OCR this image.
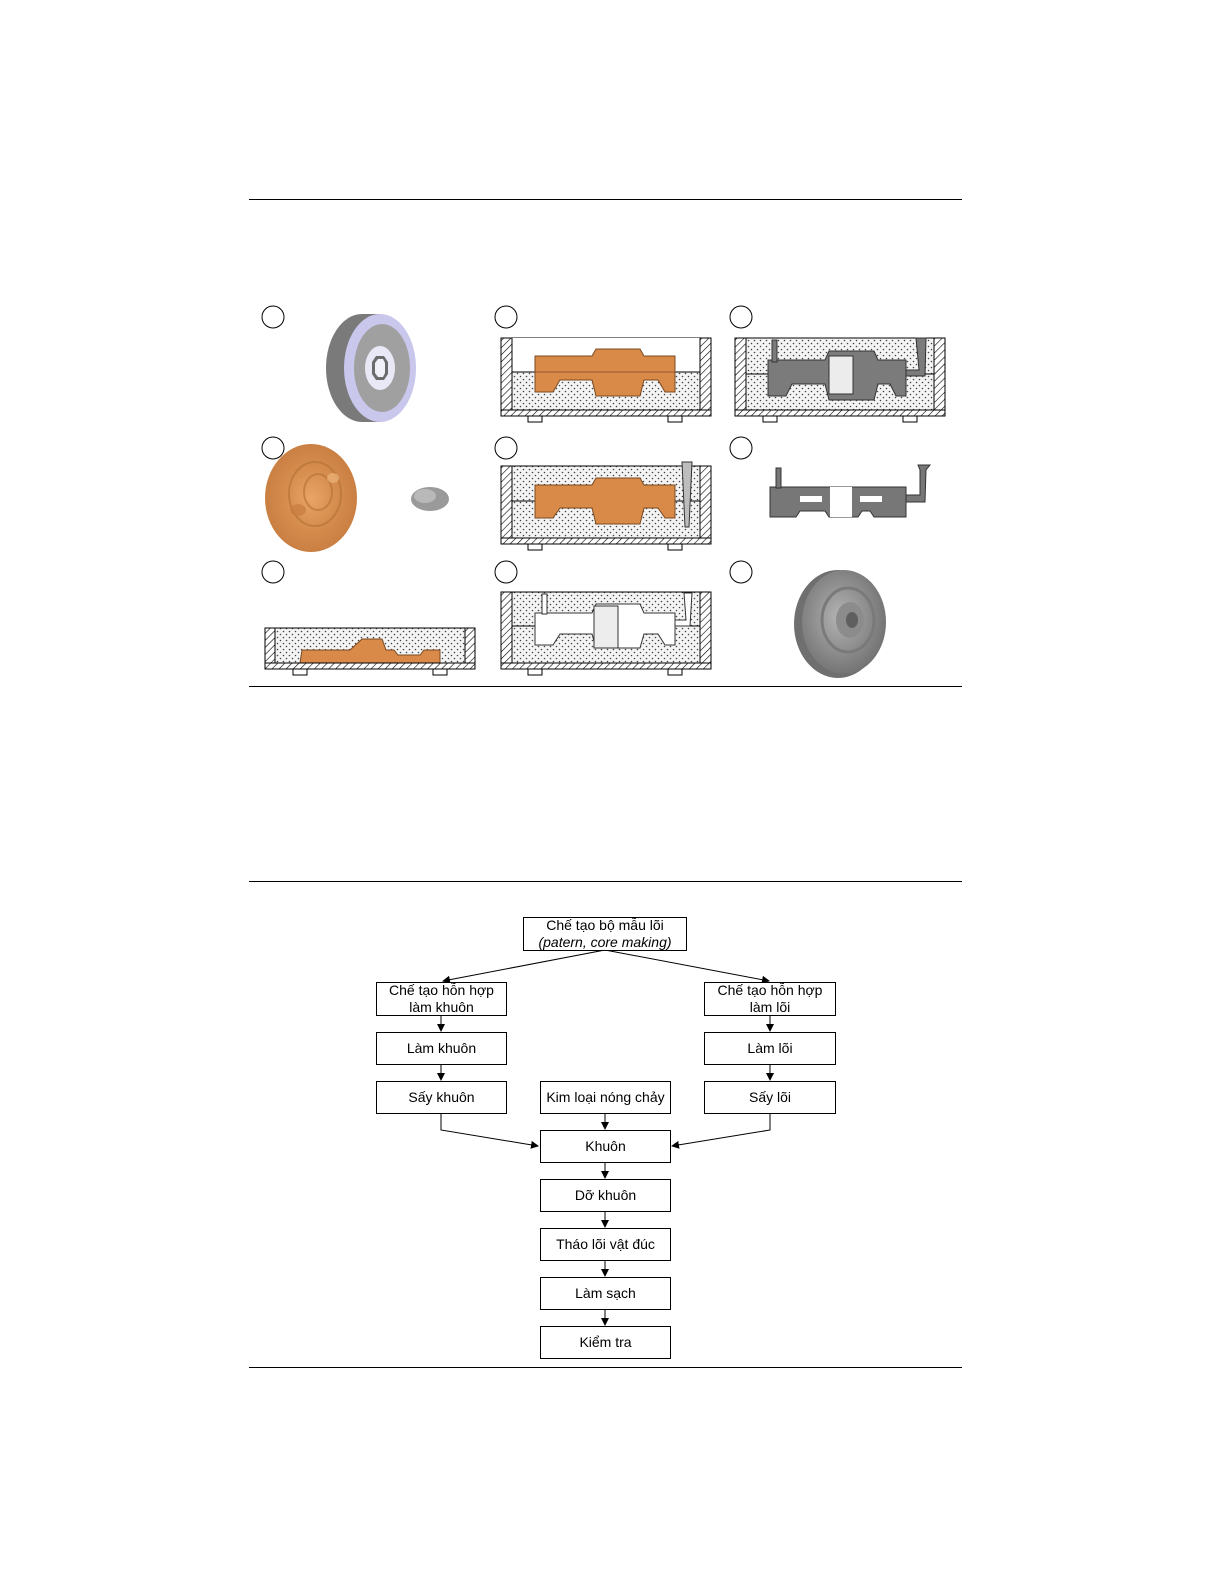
Chế tạo bộ mẫu lõi
(patern, core making)
Chế tạo hỗn hợp
làm khuôn
Chế tạo hỗn hợp
làm lõi
Làm khuôn	Làm lõi
Sấy khuôn	Kim loại nóng chảy	Sấy lõi
Khuôn
Dỡ khuôn
Tháo lõi vật đúc
Làm sạch
Kiểm tra
